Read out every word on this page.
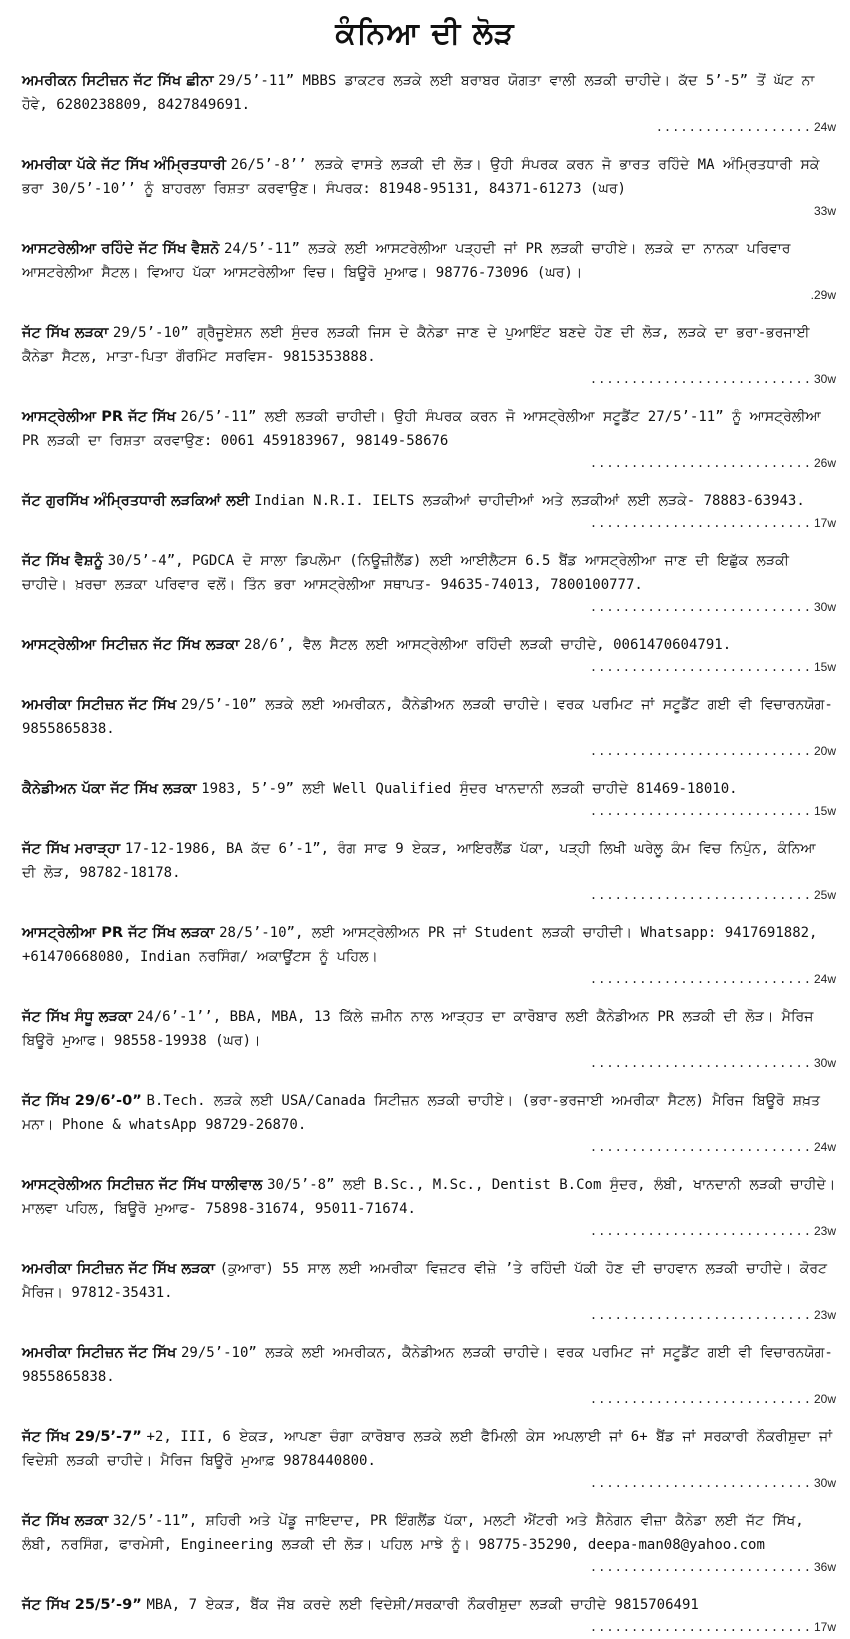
ਕੰਨਿਆ ਦੀ ਲੋੜ
ਅਮਰੀਕਨ ਸਿਟੀਜ਼ਨ ਜੱਟ ਸਿੱਖ ਛੀਨਾ 29/5’-11” MBBS ਡਾਕਟਰ ਲੜਕੇ ਲਈ ਬਰਾਬਰ ਯੋਗਤਾ ਵਾਲੀ ਲੜਕੀ ਚਾਹੀਦੇ। ਕੱਦ 5’-5” ਤੋਂ ਘੱਟ ਨਾ ਹੋਵੇ, 6280238809, 8427849691.
................... 24w
ਅਮਰੀਕਾ ਪੱਕੇ ਜੱਟ ਸਿੱਖ ਅੰਮ੍ਰਿਤਧਾਰੀ 26/5’-8’’ ਲੜਕੇ ਵਾਸਤੇ ਲੜਕੀ ਦੀ ਲੋੜ। ਉਹੀ ਸੰਪਰਕ ਕਰਨ ਜੋ ਭਾਰਤ ਰਹਿੰਦੇ MA ਅੰਮ੍ਰਿਤਧਾਰੀ ਸਕੇ ਭਰਾ 30/5’-10’’ ਨੂੰ ਬਾਹਰਲਾ ਰਿਸ਼ਤਾ ਕਰਵਾਉਣ। ਸੰਪਰਕ: 81948-95131, 84371-61273 (ਘਰ)
33w
ਆਸਟਰੇਲੀਆ ਰਹਿੰਦੇ ਜੱਟ ਸਿੱਖ ਵੈਸ਼ਨੋ 24/5’-11” ਲੜਕੇ ਲਈ ਆਸਟਰੇਲੀਆ ਪੜ੍ਹਦੀ ਜਾਂ PR ਲੜਕੀ ਚਾਹੀਏ। ਲੜਕੇ ਦਾ ਨਾਨਕਾ ਪਰਿਵਾਰ ਆਸਟਰੇਲੀਆ ਸੈਟਲ। ਵਿਆਹ ਪੱਕਾ ਆਸਟਰੇਲੀਆ ਵਿਚ। ਬਿਊਰੋ ਮੁਆਫ। 98776-73096 (ਘਰ)।
.29w
ਜੱਟ ਸਿੱਖ ਲੜਕਾ 29/5’-10” ਗ੍ਰੈਜੂਏਸ਼ਨ ਲਈ ਸੁੰਦਰ ਲੜਕੀ ਜਿਸ ਦੇ ਕੈਨੇਡਾ ਜਾਣ ਦੇ ਪੁਆਇੰਟ ਬਣਦੇ ਹੋਣ ਦੀ ਲੋੜ, ਲੜਕੇ ਦਾ ਭਰਾ-ਭਰਜਾਈ ਕੈਨੇਡਾ ਸੈਟਲ, ਮਾਤਾ-ਪਿਤਾ ਗੌਰਮਿੰਟ ਸਰਵਿਸ- 9815353888.
........................... 30w
ਆਸਟ੍ਰੇਲੀਆ PR ਜੱਟ ਸਿੱਖ 26/5’-11” ਲਈ ਲੜਕੀ ਚਾਹੀਦੀ। ਉਹੀ ਸੰਪਰਕ ਕਰਨ ਜੋ ਆਸਟ੍ਰੇਲੀਆ ਸਟੂਡੈਂਟ 27/5’-11” ਨੂੰ ਆਸਟ੍ਰੇਲੀਆ PR ਲੜਕੀ ਦਾ ਰਿਸ਼ਤਾ ਕਰਵਾਉਣ: 0061 459183967, 98149-58676
........................... 26w
ਜੱਟ ਗੁਰਸਿੱਖ ਅੰਮ੍ਰਿਤਧਾਰੀ ਲੜਕਿਆਂ ਲਈ Indian N.R.I. IELTS ਲੜਕੀਆਂ ਚਾਹੀਦੀਆਂ ਅਤੇ ਲੜਕੀਆਂ ਲਈ ਲੜਕੇ- 78883-63943.
........................... 17w
ਜੱਟ ਸਿੱਖ ਵੈਸ਼ਨੂੰ 30/5’-4”, PGDCA ਦੋ ਸਾਲਾ ਡਿਪਲੋਮਾ (ਨਿਊਜ਼ੀਲੈਂਡ) ਲਈ ਆਈਲੈਟਸ 6.5 ਬੈਂਡ ਆਸਟ੍ਰੇਲੀਆ ਜਾਣ ਦੀ ਇਛੁੱਕ ਲੜਕੀ ਚਾਹੀਦੇ। ਖ਼ਰਚਾ ਲੜਕਾ ਪਰਿਵਾਰ ਵਲੋਂ। ਤਿੰਨ ਭਰਾ ਆਸਟ੍ਰੇਲੀਆ ਸਥਾਪਤ- 94635-74013, 7800100777.
........................... 30w
ਆਸਟ੍ਰੇਲੀਆ ਸਿਟੀਜ਼ਨ ਜੱਟ ਸਿੱਖ ਲੜਕਾ 28/6’, ਵੈਲ ਸੈਟਲ ਲਈ ਆਸਟ੍ਰੇਲੀਆ ਰਹਿੰਦੀ ਲੜਕੀ ਚਾਹੀਦੇ, 0061470604791.
........................... 15w
ਅਮਰੀਕਾ ਸਿਟੀਜ਼ਨ ਜੱਟ ਸਿੱਖ 29/5’-10” ਲੜਕੇ ਲਈ ਅਮਰੀਕਨ, ਕੈਨੇਡੀਅਨ ਲੜਕੀ ਚਾਹੀਦੇ। ਵਰਕ ਪਰਮਿਟ ਜਾਂ ਸਟੂਡੈਂਟ ਗਈ ਵੀ ਵਿਚਾਰਨਯੋਗ- 9855865838.
........................... 20w
ਕੈਨੇਡੀਅਨ ਪੱਕਾ ਜੱਟ ਸਿੱਖ ਲੜਕਾ 1983, 5’-9” ਲਈ Well Qualified ਸੁੰਦਰ ਖਾਨਦਾਨੀ ਲੜਕੀ ਚਾਹੀਦੇ 81469-18010.
........................... 15w
ਜੱਟ ਸਿੱਖ ਮਰਾੜ੍ਹਾ 17-12-1986, BA ਕੱਦ 6’-1”, ਰੰਗ ਸਾਫ 9 ਏਕੜ, ਆਇਰਲੈਂਡ ਪੱਕਾ, ਪੜ੍ਹੀ ਲਿਖੀ ਘਰੇਲੂ ਕੰਮ ਵਿਚ ਨਿਪੁੰਨ, ਕੰਨਿਆ ਦੀ ਲੋੜ, 98782-18178.
........................... 25w
ਆਸਟ੍ਰੇਲੀਆ PR ਜੱਟ ਸਿੱਖ ਲੜਕਾ 28/5’-10”, ਲਈ ਆਸਟ੍ਰੇਲੀਅਨ PR ਜਾਂ Student ਲੜਕੀ ਚਾਹੀਦੀ। Whatsapp: 9417691882, +61470668080, Indian ਨਰਸਿੰਗ/ ਅਕਾਊਂਟਸ ਨੂੰ ਪਹਿਲ।
........................... 24w
ਜੱਟ ਸਿੱਖ ਸੰਧੂ ਲੜਕਾ 24/6’-1’’, BBA, MBA, 13 ਕਿੱਲੇ ਜ਼ਮੀਨ ਨਾਲ ਆੜ੍ਹਤ ਦਾ ਕਾਰੋਬਾਰ ਲਈ ਕੈਨੇਡੀਅਨ PR ਲੜਕੀ ਦੀ ਲੋੜ। ਮੈਰਿਜ ਬਿਊਰੋ ਮੁਆਫ। 98558-19938 (ਘਰ)।
........................... 30w
ਜੱਟ ਸਿੱਖ 29/6’-0” B.Tech. ਲੜਕੇ ਲਈ USA/Canada ਸਿਟੀਜ਼ਨ ਲੜਕੀ ਚਾਹੀਏ। (ਭਰਾ-ਭਰਜਾਈ ਅਮਰੀਕਾ ਸੈਟਲ) ਮੈਰਿਜ ਬਿਊਰੋ ਸ਼ਖ਼ਤ ਮਨਾ। Phone & whatsApp 98729-26870.
........................... 24w
ਆਸਟ੍ਰੇਲੀਅਨ ਸਿਟੀਜ਼ਨ ਜੱਟ ਸਿੱਖ ਧਾਲੀਵਾਲ 30/5’-8” ਲਈ B.Sc., M.Sc., Dentist B.Com ਸੁੰਦਰ, ਲੰਬੀ, ਖਾਨਦਾਨੀ ਲੜਕੀ ਚਾਹੀਦੇ। ਮਾਲਵਾ ਪਹਿਲ, ਬਿਊਰੋ ਮੁਆਫ- 75898-31674, 95011-71674.
........................... 23w
ਅਮਰੀਕਾ ਸਿਟੀਜ਼ਨ ਜੱਟ ਸਿੱਖ ਲੜਕਾ (ਕੁਆਰਾ) 55 ਸਾਲ ਲਈ ਅਮਰੀਕਾ ਵਿਜ਼ਟਰ ਵੀਜ਼ੇ ’ਤੇ ਰਹਿੰਦੀ ਪੱਕੀ ਹੋਣ ਦੀ ਚਾਹਵਾਨ ਲੜਕੀ ਚਾਹੀਦੇ। ਕੋਰਟ ਮੈਰਿਜ। 97812-35431.
........................... 23w
ਅਮਰੀਕਾ ਸਿਟੀਜ਼ਨ ਜੱਟ ਸਿੱਖ 29/5’-10” ਲੜਕੇ ਲਈ ਅਮਰੀਕਨ, ਕੈਨੇਡੀਅਨ ਲੜਕੀ ਚਾਹੀਦੇ। ਵਰਕ ਪਰਮਿਟ ਜਾਂ ਸਟੂਡੈਂਟ ਗਈ ਵੀ ਵਿਚਾਰਨਯੋਗ- 9855865838.
........................... 20w
ਜੱਟ ਸਿੱਖ 29/5’-7” +2, III, 6 ਏਕੜ, ਆਪਣਾ ਚੰਗਾ ਕਾਰੋਬਾਰ ਲੜਕੇ ਲਈ ਫੈਮਿਲੀ ਕੇਸ ਅਪਲਾਈ ਜਾਂ 6+ ਬੈਂਡ ਜਾਂ ਸਰਕਾਰੀ ਨੌਕਰੀਸ਼ੁਦਾ ਜਾਂ ਵਿਦੇਸ਼ੀ ਲੜਕੀ ਚਾਹੀਦੇ। ਮੈਰਿਜ ਬਿਊਰੋ ਮੁਆਫ਼ 9878440800.
........................... 30w
ਜੱਟ ਸਿੱਖ ਲੜਕਾ 32/5’-11”, ਸ਼ਹਿਰੀ ਅਤੇ ਪੇਂਡੂ ਜਾਇਦਾਦ, PR ਇੰਗਲੈਂਡ ਪੱਕਾ, ਮਲਟੀ ਐਂਟਰੀ ਅਤੇ ਸ਼ੈਨੇਗਨ ਵੀਜ਼ਾ ਕੈਨੇਡਾ ਲਈ ਜੱਟ ਸਿੱਖ, ਲੰਬੀ, ਨਰਸਿੰਗ, ਫਾਰਮੇਸੀ, Engineering ਲੜਕੀ ਦੀ ਲੋੜ। ਪਹਿਲ ਮਾਝੇ ਨੂੰ। 98775-35290, deepa-man08@yahoo.com
........................... 36w
ਜੱਟ ਸਿੱਖ 25/5’-9” MBA, 7 ਏਕੜ, ਬੈਂਕ ਜੌਬ ਕਰਦੇ ਲਈ ਵਿਦੇਸ਼ੀ/ਸਰਕਾਰੀ ਨੌਕਰੀਸ਼ੁਦਾ ਲੜਕੀ ਚਾਹੀਦੇ 9815706491
........................... 17w
